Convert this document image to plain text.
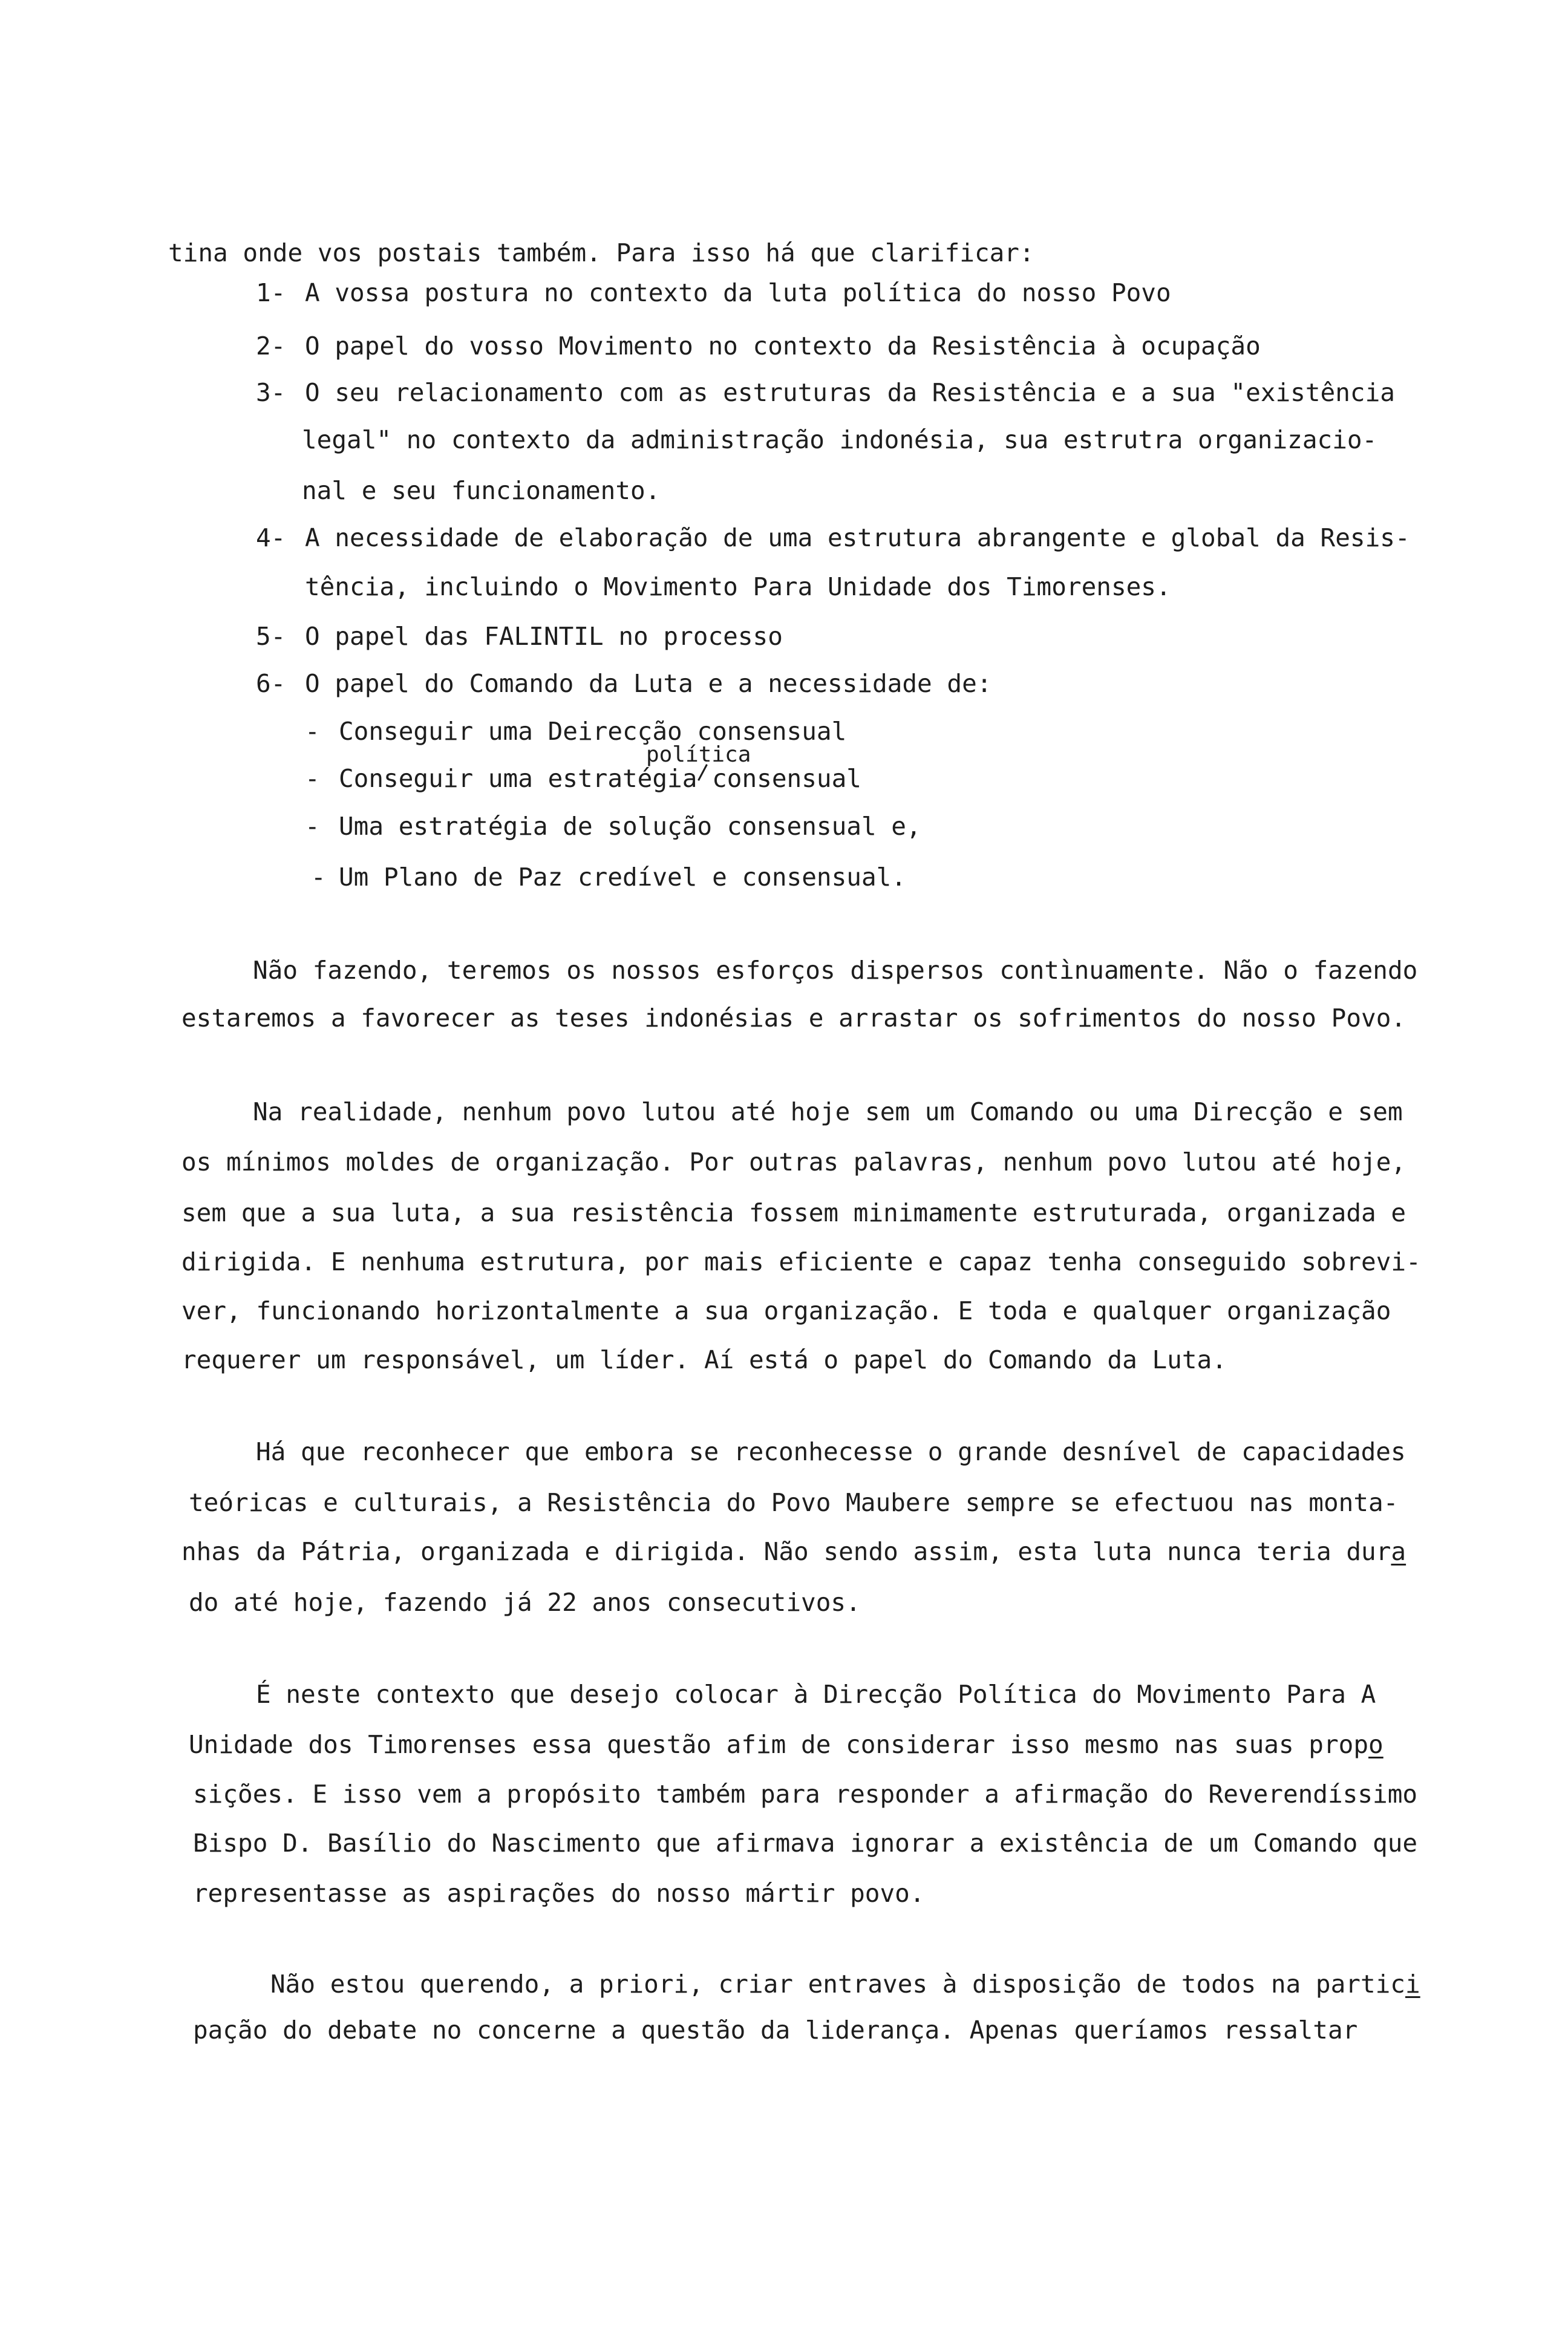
tina onde vos postais também. Para isso há que clarificar:
1- A vossa postura no contexto da luta política do nosso Povo
2- O papel do vosso Movimento no contexto da Resistência à ocupação
3- O seu relacionamento com as estruturas da Resistência e a sua "existência
legal" no contexto da administração indonésia, sua estrutra organizacio-
nal e seu funcionamento.
4- A necessidade de elaboração de uma estrutura abrangente e global da Resis-
tência, incluindo o Movimento Para Unidade dos Timorenses.
5- O papel das FALINTIL no processo
6- O papel do Comando da Luta e a necessidade de:
- Conseguir uma Deirecção consensual
política
- Conseguir uma estratégia consensual
- Uma estratégia de solução consensual e,
- Um Plano de Paz credível e consensual.
Não fazendo, teremos os nossos esforços dispersos contìnuamente. Não o fazendo
estaremos a favorecer as teses indonésias e arrastar os sofrimentos do nosso Povo.
Na realidade, nenhum povo lutou até hoje sem um Comando ou uma Direcção e sem
os mínimos moldes de organização. Por outras palavras, nenhum povo lutou até hoje,
sem que a sua luta, a sua resistência fossem minimamente estruturada, organizada e
dirigida. E nenhuma estrutura, por mais eficiente e capaz tenha conseguido sobrevi-
ver, funcionando horizontalmente a sua organização. E toda e qualquer organização
requerer um responsável, um líder. Aí está o papel do Comando da Luta.
Há que reconhecer que embora se reconhecesse o grande desnível de capacidades
teóricas e culturais, a Resistência do Povo Maubere sempre se efectuou nas monta-
nhas da Pátria, organizada e dirigida. Não sendo assim, esta luta nunca teria dura
do até hoje, fazendo já 22 anos consecutivos.
É neste contexto que desejo colocar à Direcção Política do Movimento Para A
Unidade dos Timorenses essa questão afim de considerar isso mesmo nas suas propo
sições. E isso vem a propósito também para responder a afirmação do Reverendíssimo
Bispo D. Basílio do Nascimento que afirmava ignorar a existência de um Comando que
representasse as aspirações do nosso mártir povo.
Não estou querendo, a priori, criar entraves à disposição de todos na partici
pação do debate no concerne a questão da liderança. Apenas queríamos ressaltar
